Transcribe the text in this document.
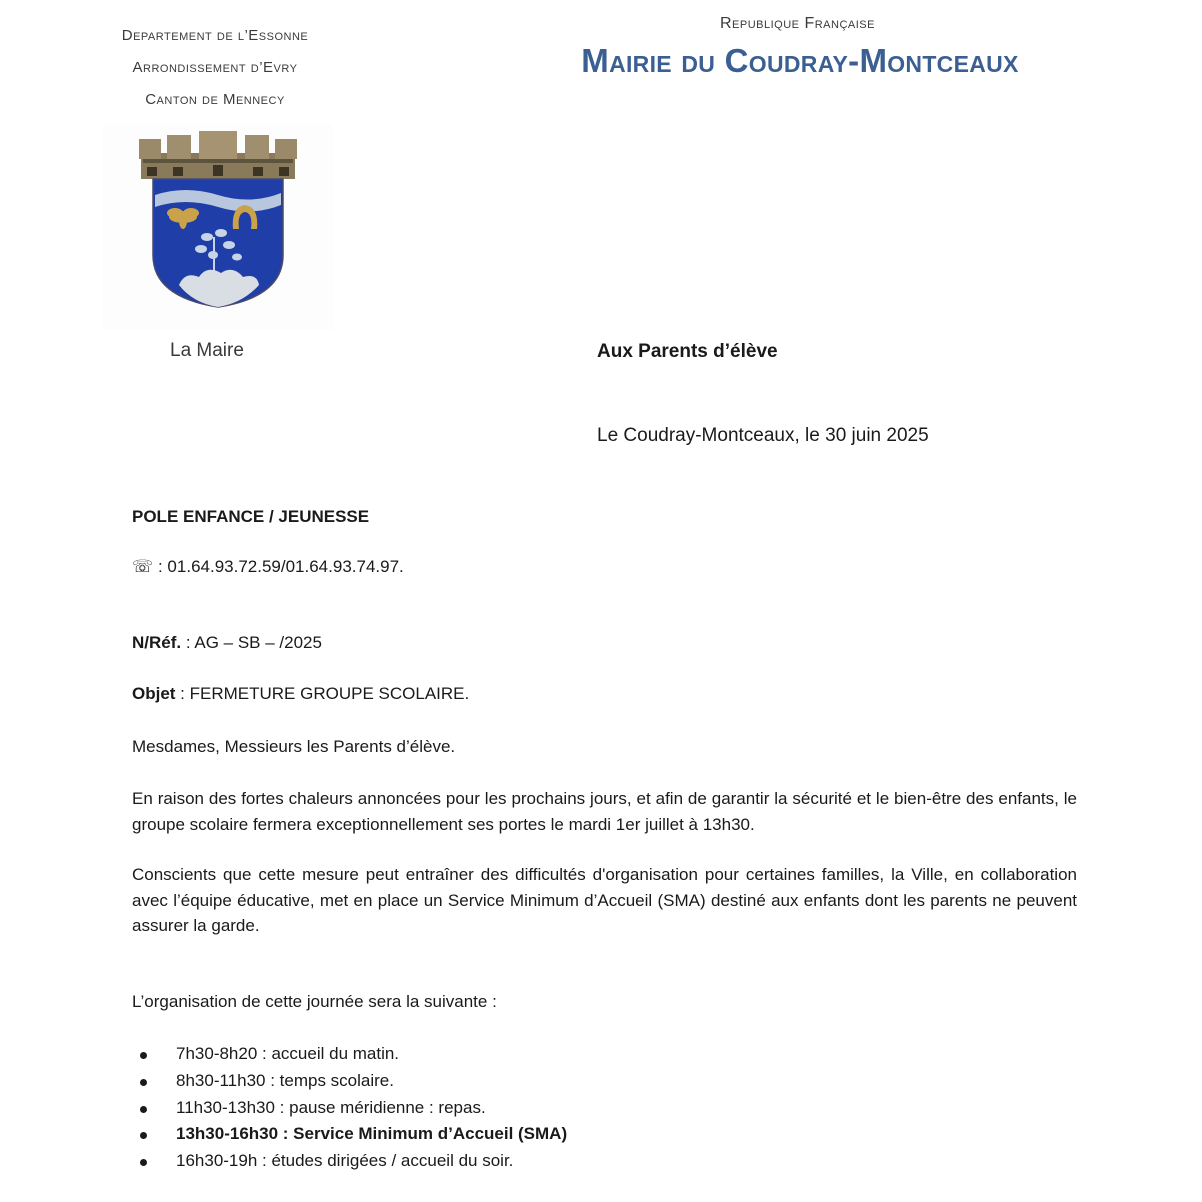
Departement de l’Essonne
Arrondissement d’Evry
Canton de Mennecy
Republique Française
Mairie du Coudray-Montceaux
La Maire	Aux Parents d’élève
Le Coudray-Montceaux, le 30 juin 2025
POLE ENFANCE / JEUNESSE
☏ : 01.64.93.72.59/01.64.93.74.97.
N/Réf. : AG – SB – /2025
Objet : FERMETURE GROUPE SCOLAIRE.
Mesdames, Messieurs les Parents d’élève.
En raison des fortes chaleurs annoncées pour les prochains jours, et afin de garantir la sécurité et le bien-être des enfants, le groupe scolaire fermera exceptionnellement ses portes le mardi 1er juillet à 13h30.
Conscients que cette mesure peut entraîner des difficultés d'organisation pour certaines familles, la Ville, en collaboration avec l’équipe éducative, met en place un Service Minimum d’Accueil (SMA) destiné aux enfants dont les parents ne peuvent assurer la garde.
L’organisation de cette journée sera la suivante :
7h30-8h20 : accueil du matin.
8h30-11h30 : temps scolaire.
11h30-13h30 : pause méridienne : repas.
13h30-16h30 : Service Minimum d’Accueil (SMA)
16h30-19h : études dirigées / accueil du soir.
